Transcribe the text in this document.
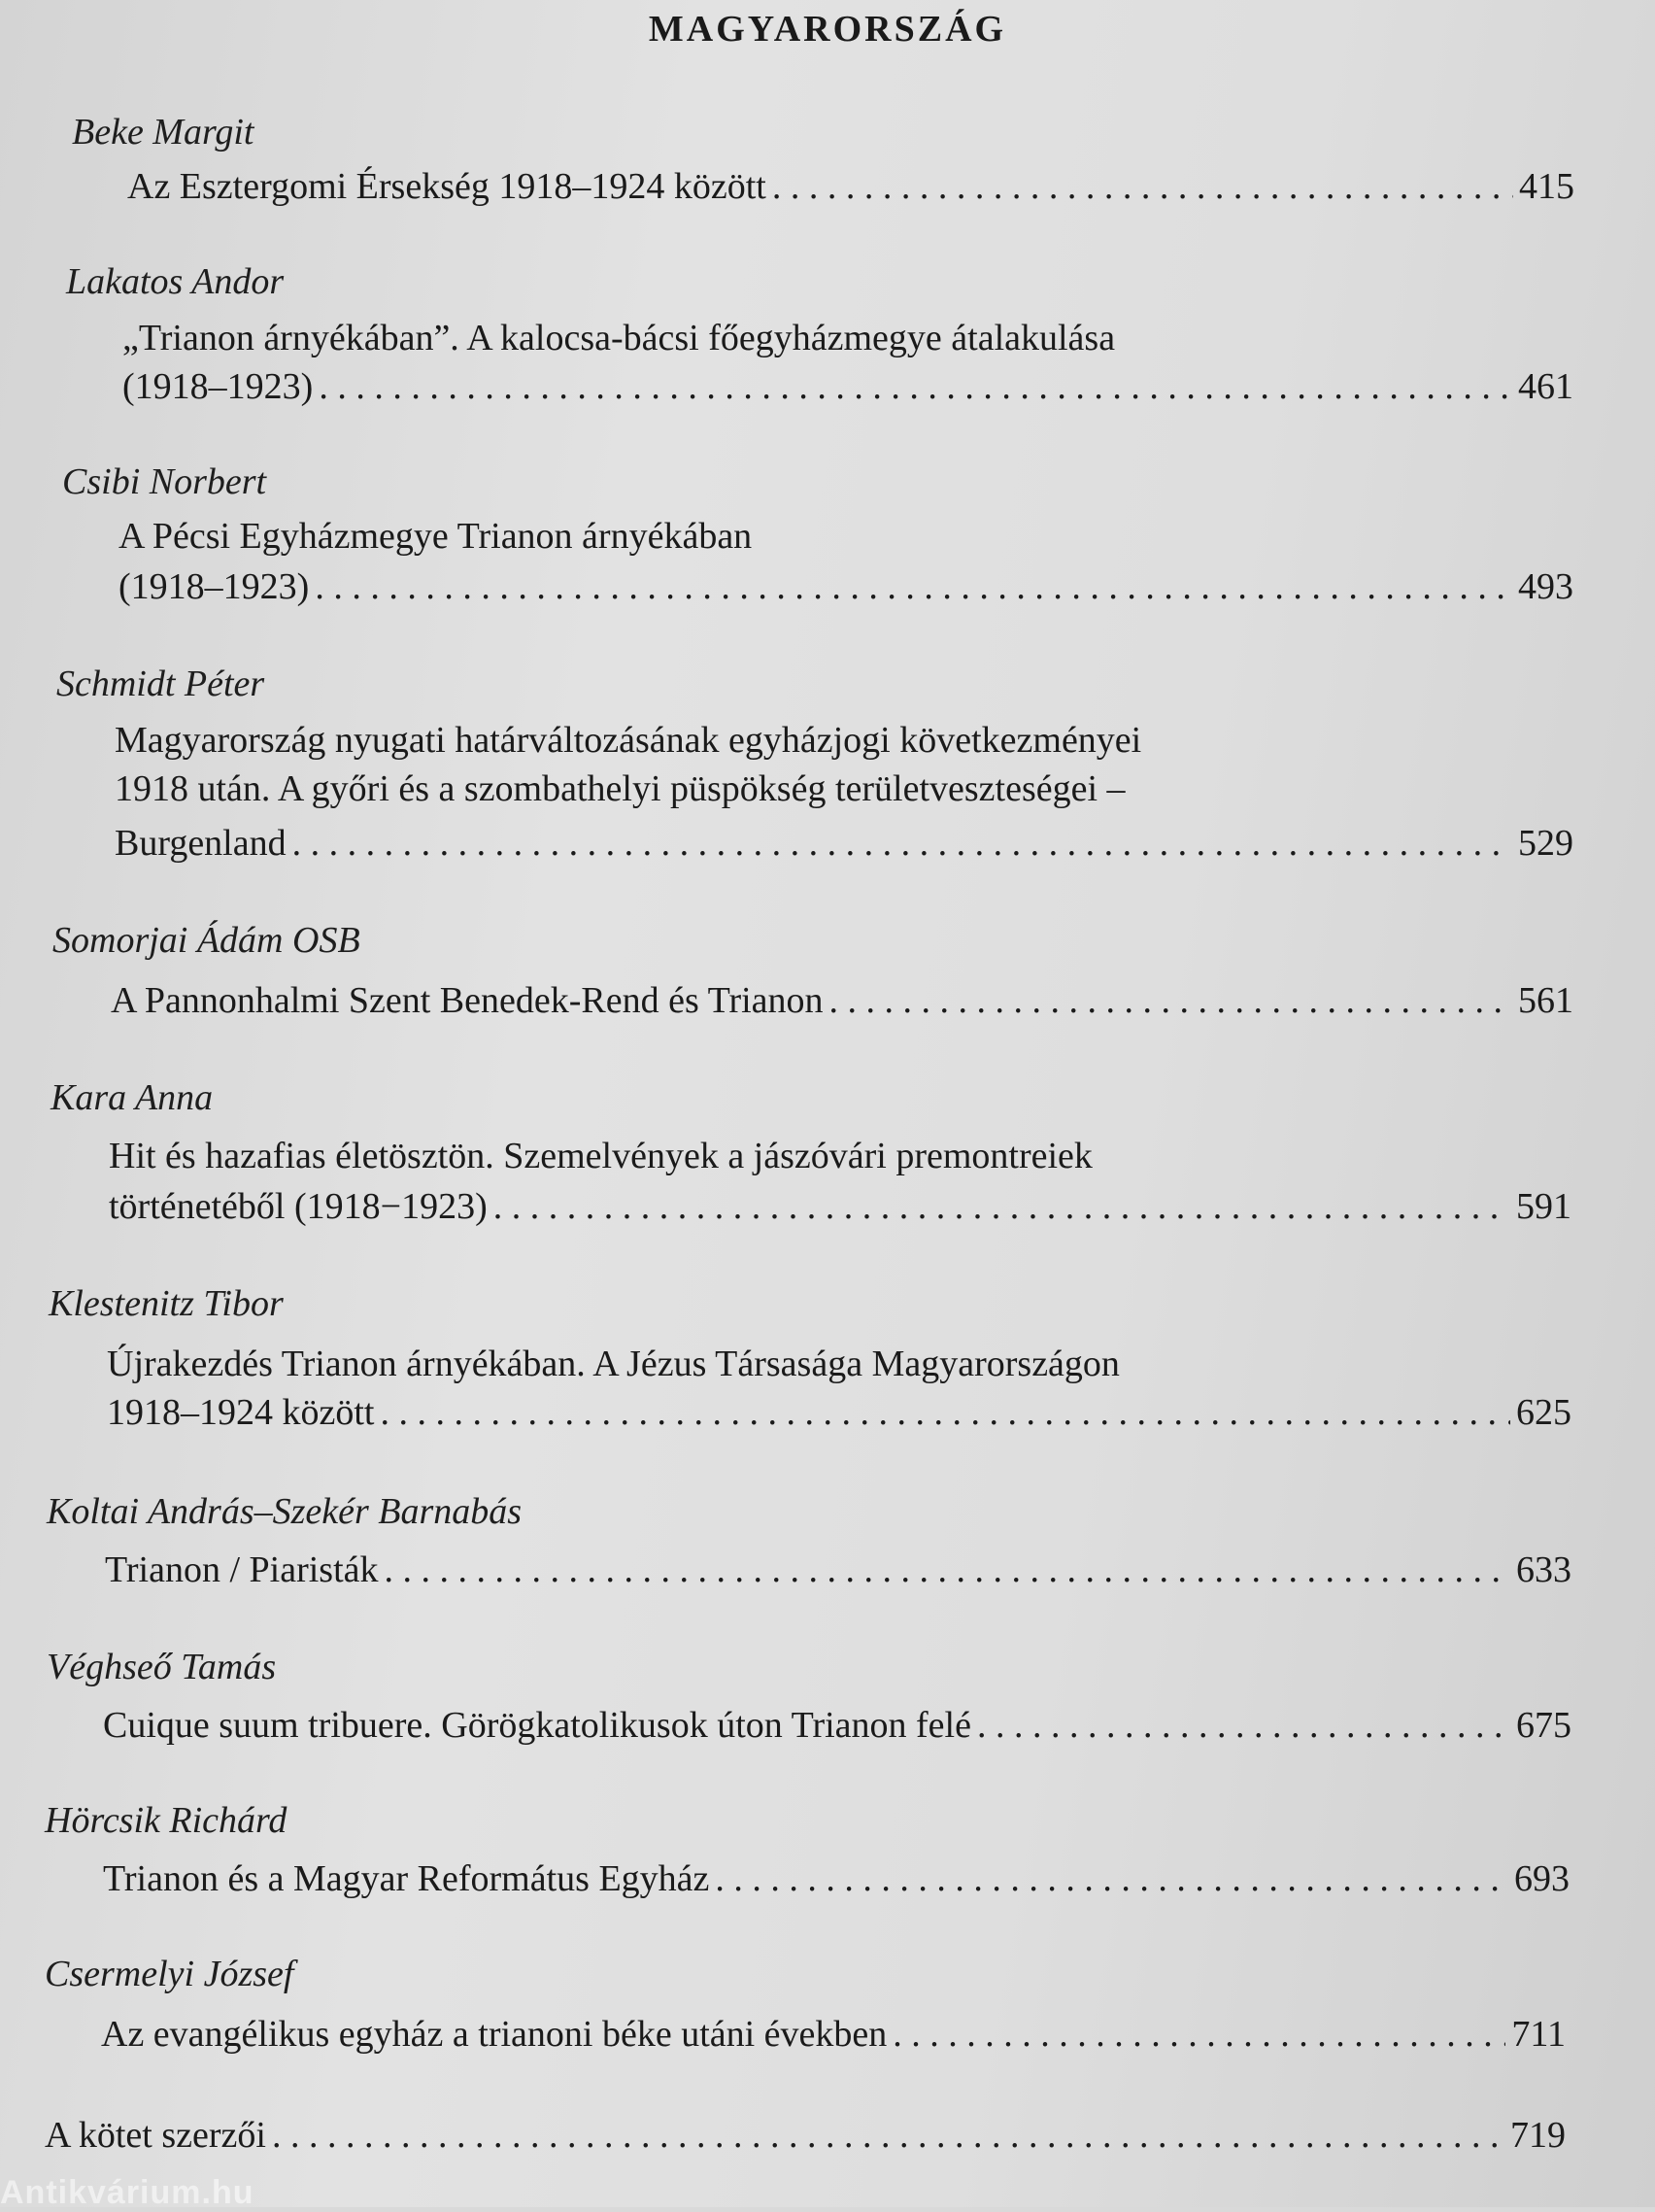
MAGYARORSZÁG
Beke Margit
Az Esztergomi Érsekség 1918–1924 között . . .	415
Lakatos Andor
„Trianon árnyékában”. A kalocsa-bácsi főegyházmegye átalakulása
(1918–1923) . . .	461
Csibi Norbert
A Pécsi Egyházmegye Trianon árnyékában
(1918–1923) . . .	493
Schmidt Péter
Magyarország nyugati határváltozásának egyházjogi következményei
1918 után. A győri és a szombathelyi püspökség területveszteségei –
Burgenland . . .	529
Somorjai Ádám OSB
A Pannonhalmi Szent Benedek-Rend és Trianon . . .	561
Kara Anna
Hit és hazafias életösztön. Szemelvények a jászóvári premontreiek
történetéből (1918−1923) . . .	591
Klestenitz Tibor
Újrakezdés Trianon árnyékában. A Jézus Társasága Magyarországon
1918–1924 között . . .	625
Koltai András–Szekér Barnabás
Trianon / Piaristák . . .	633
Véghseő Tamás
Cuique suum tribuere. Görögkatolikusok úton Trianon felé . . .	675
Hörcsik Richárd
Trianon és a Magyar Református Egyház . . .	693
Csermelyi József
Az evangélikus egyház a trianoni béke utáni években . . .	711
A kötet szerzői . . .	719
Antikvárium.hu
